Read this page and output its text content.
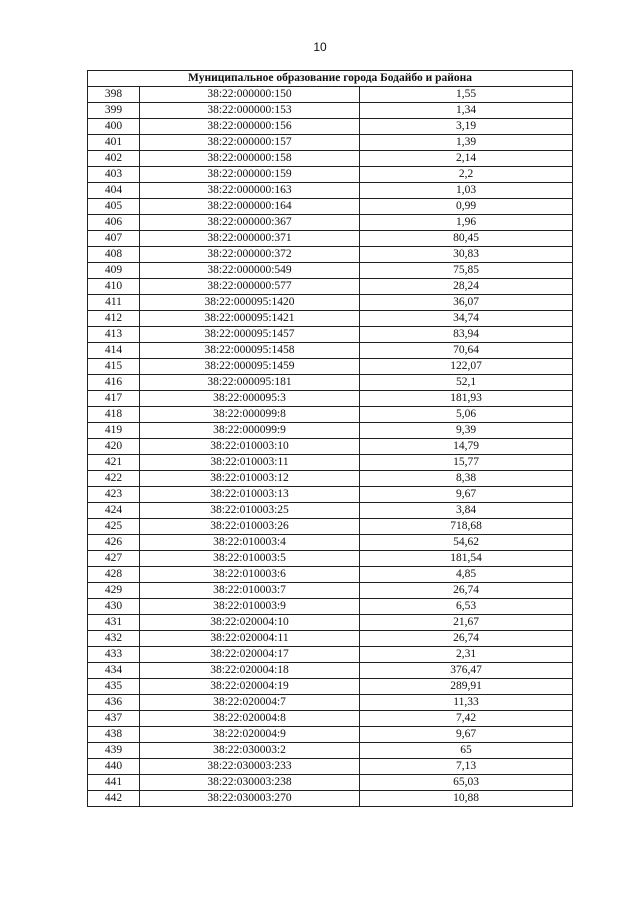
10
Муниципальное образование города Бодайбо и района		
398	38:22:000000:150	1,55
399	38:22:000000:153	1,34
400	38:22:000000:156	3,19
401	38:22:000000:157	1,39
402	38:22:000000:158	2,14
403	38:22:000000:159	2,2
404	38:22:000000:163	1,03
405	38:22:000000:164	0,99
406	38:22:000000:367	1,96
407	38:22:000000:371	80,45
408	38:22:000000:372	30,83
409	38:22:000000:549	75,85
410	38:22:000000:577	28,24
411	38:22:000095:1420	36,07
412	38:22:000095:1421	34,74
413	38:22:000095:1457	83,94
414	38:22:000095:1458	70,64
415	38:22:000095:1459	122,07
416	38:22:000095:181	52,1
417	38:22:000095:3	181,93
418	38:22:000099:8	5,06
419	38:22:000099:9	9,39
420	38:22:010003:10	14,79
421	38:22:010003:11	15,77
422	38:22:010003:12	8,38
423	38:22:010003:13	9,67
424	38:22:010003:25	3,84
425	38:22:010003:26	718,68
426	38:22:010003:4	54,62
427	38:22:010003:5	181,54
428	38:22:010003:6	4,85
429	38:22:010003:7	26,74
430	38:22:010003:9	6,53
431	38:22:020004:10	21,67
432	38:22:020004:11	26,74
433	38:22:020004:17	2,31
434	38:22:020004:18	376,47
435	38:22:020004:19	289,91
436	38:22:020004:7	11,33
437	38:22:020004:8	7,42
438	38:22:020004:9	9,67
439	38:22:030003:2	65
440	38:22:030003:233	7,13
441	38:22:030003:238	65,03
442	38:22:030003:270	10,88
